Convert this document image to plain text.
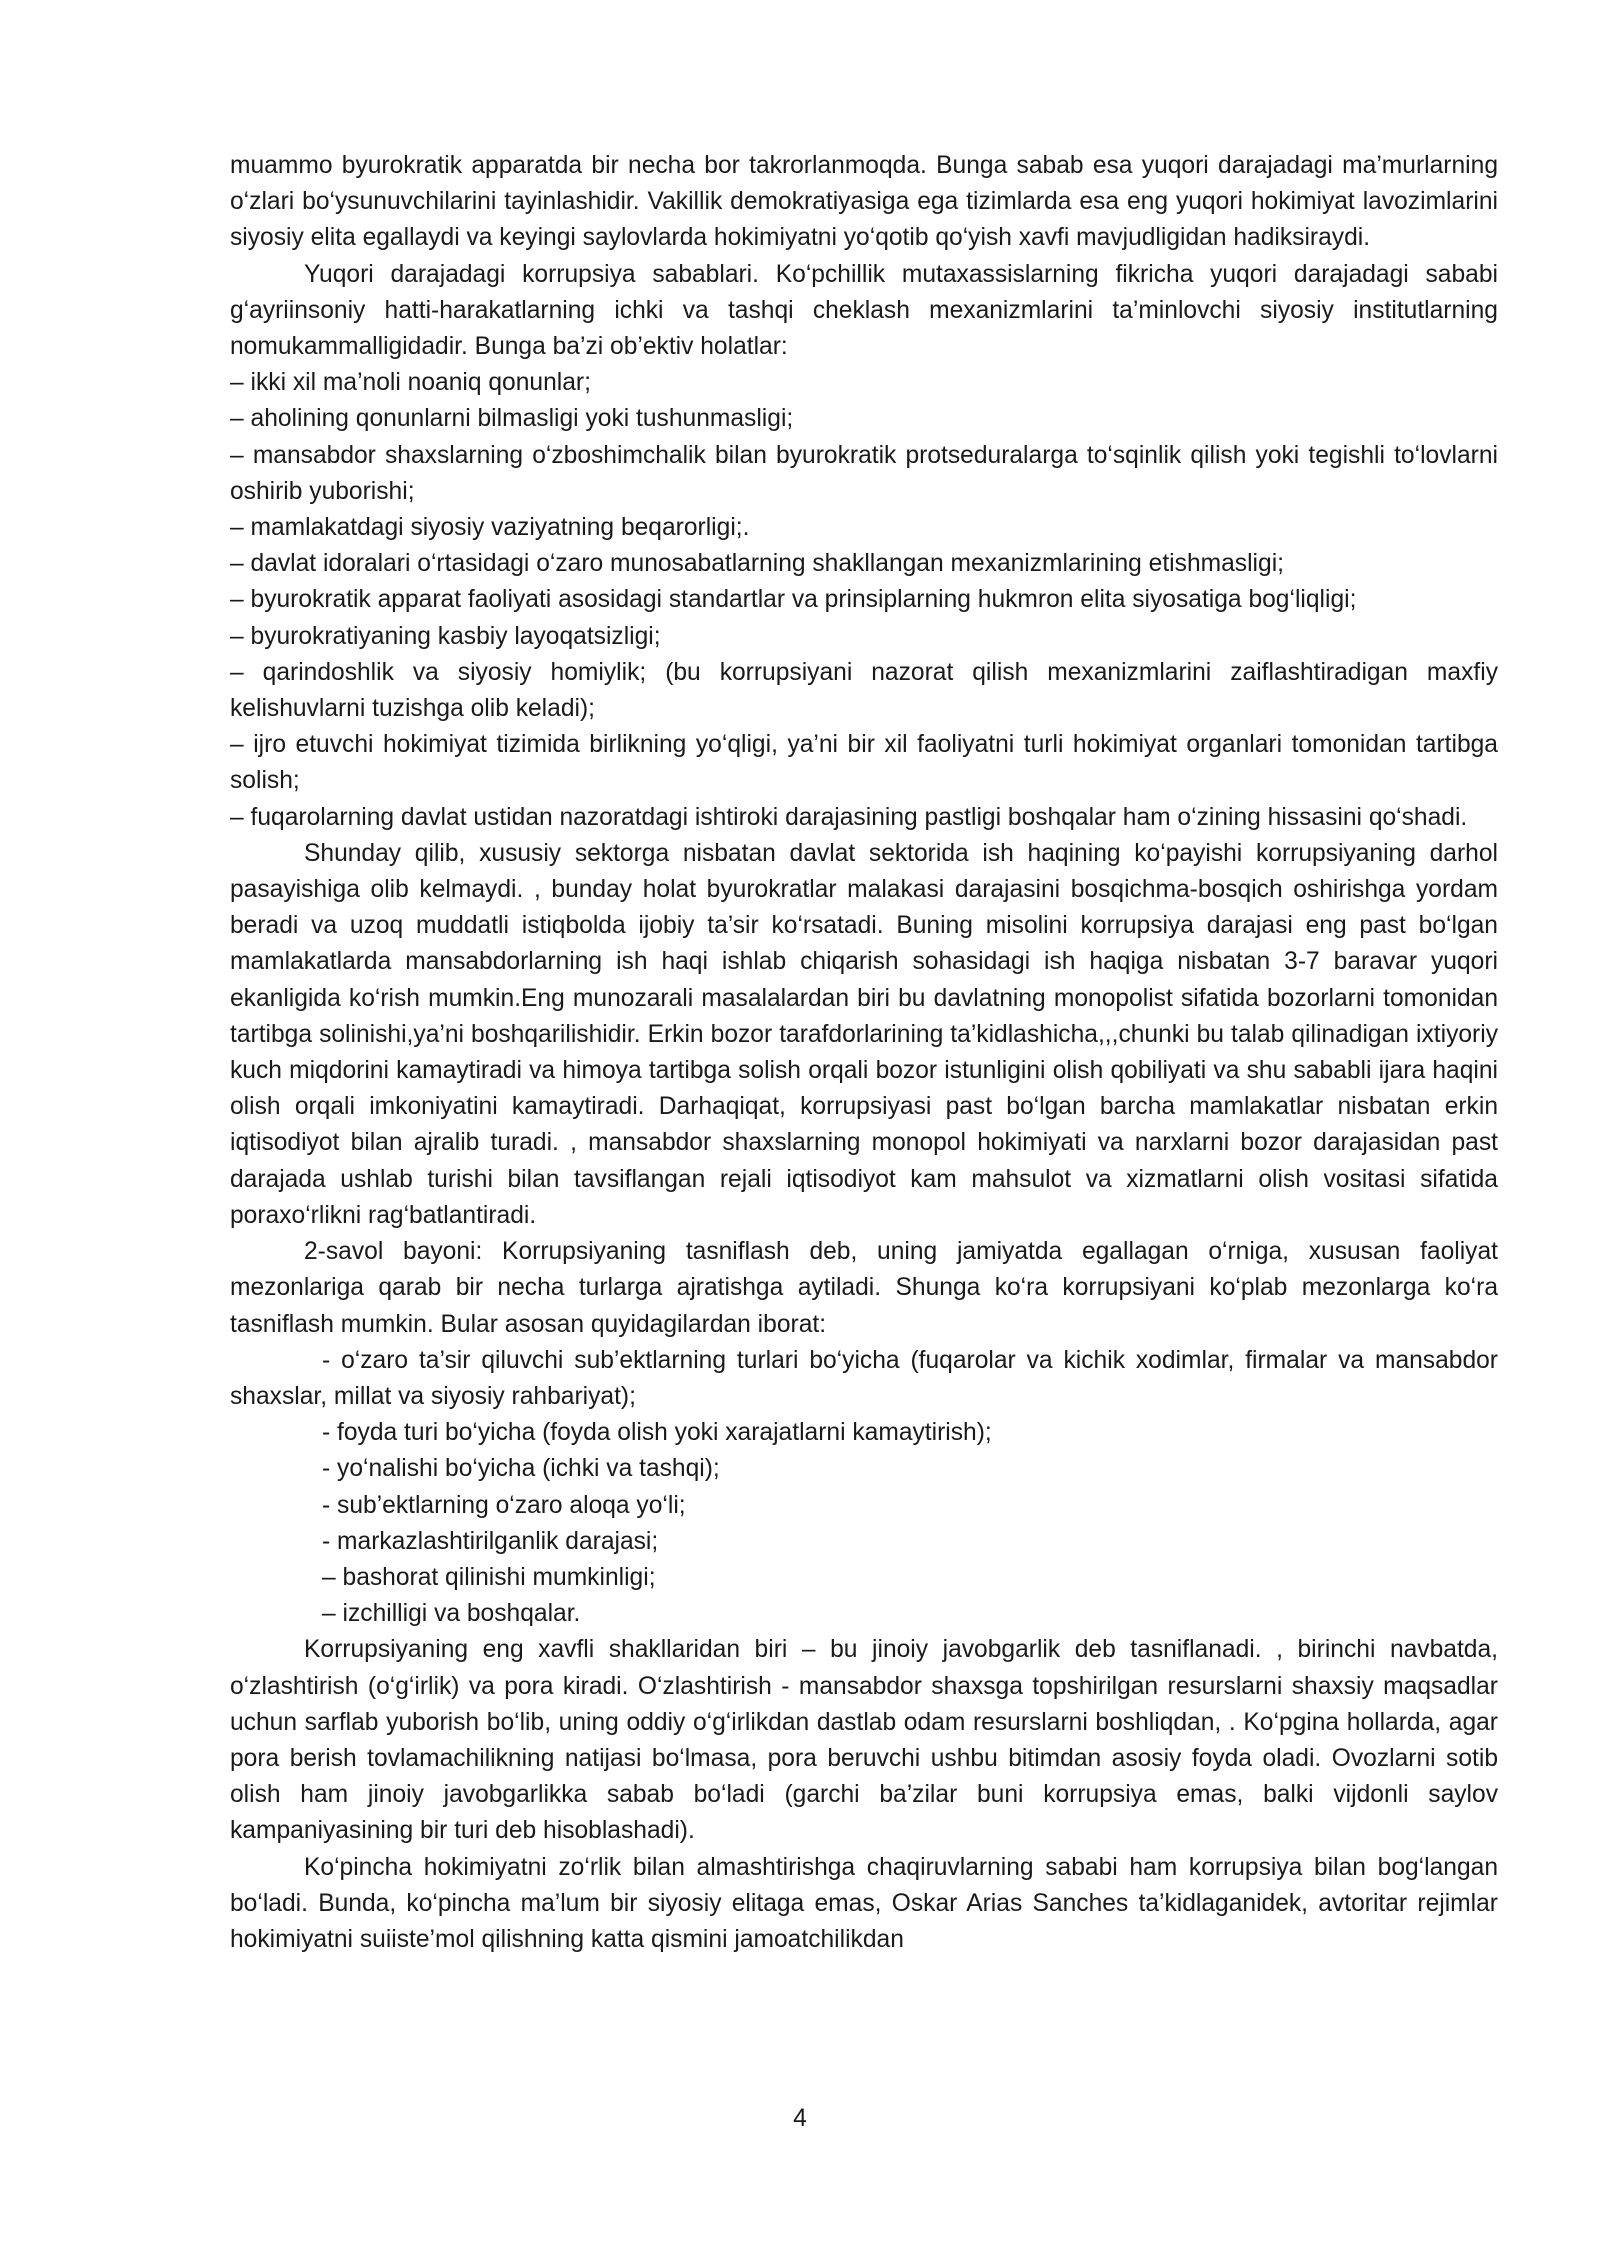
muammo byurokratik apparatda bir necha bor takrorlanmoqda. Bunga sabab esa yuqori darajadagi ma’murlarning o‘zlari bo‘ysunuvchilarini tayinlashidir. Vakillik demokratiyasiga ega tizimlarda esa eng yuqori hokimiyat lavozimlarini siyosiy elita egallaydi va keyingi saylovlarda hokimiyatni yo‘qotib qo‘yish xavfi mavjudligidan hadiksiraydi.

Yuqori darajadagi korrupsiya sabablari. Ko‘pchillik mutaxassislarning fikricha yuqori darajadagi sababi g‘ayriinsoniy hatti-harakatlarning ichki va tashqi cheklash mexanizmlarini ta’minlovchi siyosiy institutlarning nomukammalligidadir. Bunga ba’zi ob’ektiv holatlar:

– ikki xil ma’noli noaniq qonunlar;
– aholining qonunlarni bilmasligi yoki tushunmasligi;
– mansabdor shaxslarning o‘zboshimchalik bilan byurokratik protseduralarga to‘sqinlik qilish yoki tegishli to‘lovlarni oshirib yuborishi;
– mamlakatdagi siyosiy vaziyatning beqarorligi;.
– davlat idoralari o‘rtasidagi o‘zaro munosabatlarning shakllangan mexanizmlarining etishmasligi;
– byurokratik apparat faoliyati asosidagi standartlar va prinsiplarning hukmron elita siyosatiga bog‘liqligi;
– byurokratiyaning kasbiy layoqatsizligi;
– qarindoshlik va siyosiy homiylik; (bu korrupsiyani nazorat qilish mexanizmlarini zaiflashtiradigan maxfiy kelishuvlarni tuzishga olib keladi);
– ijro etuvchi hokimiyat tizimida birlikning yo‘qligi, ya’ni bir xil faoliyatni turli hokimiyat organlari tomonidan tartibga solish;
– fuqarolarning davlat ustidan nazoratdagi ishtiroki darajasining pastligi boshqalar ham o‘zining hissasini qo‘shadi.

Shunday qilib, xususiy sektorga nisbatan davlat sektorida ish haqining ko‘payishi korrupsiyaning darhol pasayishiga olib kelmaydi. , bunday holat byurokratlar malakasi darajasini bosqichma-bosqich oshirishga yordam beradi va uzoq muddatli istiqbolda ijobiy ta’sir ko‘rsatadi. Buning misolini korrupsiya darajasi eng past bo‘lgan mamlakatlarda mansabdorlarning ish haqi ishlab chiqarish sohasidagi ish haqiga nisbatan 3-7 baravar yuqori ekanligida ko‘rish mumkin.Eng munozarali masalalardan biri bu davlatning monopolist sifatida bozorlarni tomonidan tartibga solinishi,ya’ni boshqarilishidir. Erkin bozor tarafdorlarining ta’kidlashicha,,,chunki bu talab qilinadigan ixtiyoriy kuch miqdorini kamaytiradi va himoya tartibga solish orqali bozor istunligini olish qobiliyati va shu sababli ijara haqini olish orqali imkoniyatini kamaytiradi. Darhaqiqat, korrupsiyasi past bo‘lgan barcha mamlakatlar nisbatan erkin iqtisodiyot bilan ajralib turadi. , mansabdor shaxslarning monopol hokimiyati va narxlarni bozor darajasidan past darajada ushlab turishi bilan tavsiflangan rejali iqtisodiyot kam mahsulot va xizmatlarni olish vositasi sifatida poraxo‘rlikni rag‘batlantiradi.

2-savol bayoni: Korrupsiyaning tasniflash deb, uning jamiyatda egallagan o‘rniga, xususan faoliyat mezonlariga qarab bir necha turlarga ajratishga aytiladi. Shunga ko‘ra korrupsiyani ko‘plab mezonlarga ko‘ra tasniflash mumkin. Bular asosan quyidagilardan iborat:

- o‘zaro ta’sir qiluvchi sub’ektlarning turlari bo‘yicha (fuqarolar va kichik xodimlar, firmalar va mansabdor shaxslar, millat va siyosiy rahbariyat);
- foyda turi bo‘yicha (foyda olish yoki xarajatlarni kamaytirish);
- yo‘nalishi bo‘yicha (ichki va tashqi);
- sub’ektlarning o‘zaro aloqa yo‘li;
- markazlashtirilganlik darajasi;
– bashorat qilinishi mumkinligi;
– izchilligi va boshqalar.

Korrupsiyaning eng xavfli shakllaridan biri – bu jinoiy javobgarlik deb tasniflanadi. , birinchi navbatda, o‘zlashtirish (o‘g‘irlik) va pora kiradi. O‘zlashtirish - mansabdor shaxsga topshirilgan resurslarni shaxsiy maqsadlar uchun sarflab yuborish bo‘lib, uning oddiy o‘g‘irlikdan dastlab odam resurslarni boshliqdan, . Ko‘pgina hollarda, agar pora berish tovlamachilikning natijasi bo‘lmasa, pora beruvchi ushbu bitimdan asosiy foyda oladi. Ovozlarni sotib olish ham jinoiy javobgarlikka sabab bo‘ladi (garchi ba’zilar buni korrupsiya emas, balki vijdonli saylov kampaniyasining bir turi deb hisoblashadi).

Ko‘pincha hokimiyatni zo‘rlik bilan almashtirishga chaqiruvlarning sababi ham korrupsiya bilan bog‘langan bo‘ladi. Bunda, ko‘pincha ma’lum bir siyosiy elitaga emas, Oskar Arias Sanches ta’kidlaganidek, avtoritar rejimlar hokimiyatni suiiste’mol qilishning katta qismini jamoatchilikdan

4
